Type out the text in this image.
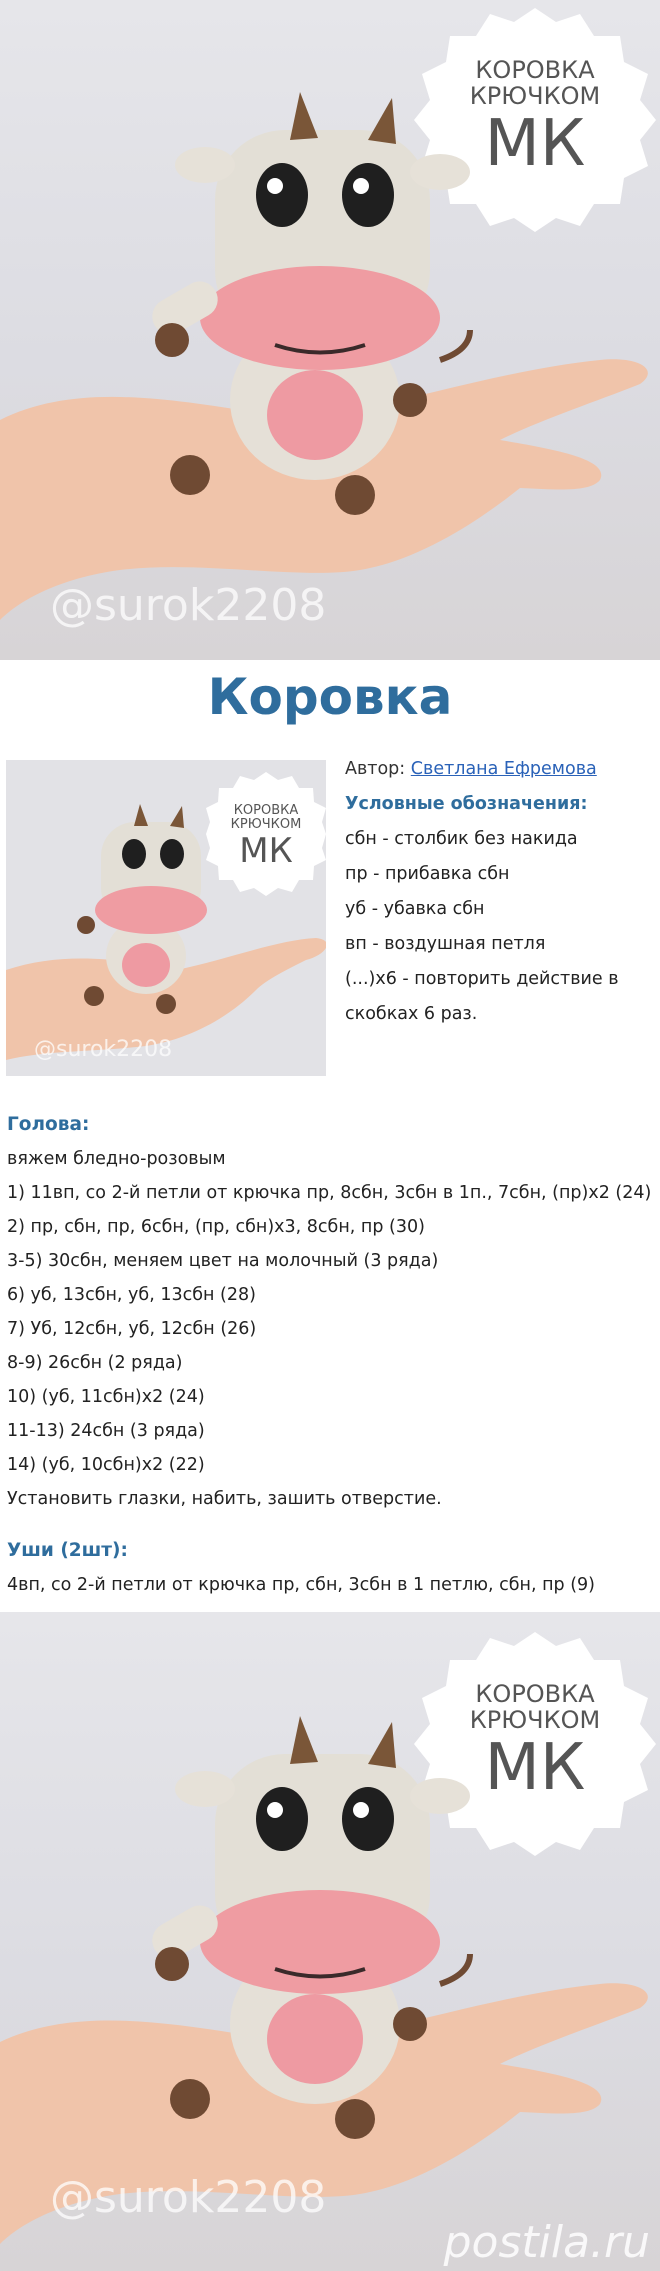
КОРОВКА
КРЮЧКОМ
МК
@surok2208
Коровка
КОРОВКА
КРЮЧКОМ
МК
@surok2208
Автор: Светлана Ефремова
Условные обозначения:
сбн - столбик без накида
пр - прибавка сбн
уб - убавка сбн
вп - воздушная петля
(...)х6 - повторить действие в
скобках 6 раз.
Голова:
вяжем бледно-розовым
1) 11вп, со 2-й петли от крючка пр, 8сбн, 3сбн в 1п., 7сбн, (пр)х2 (24)
2) пр, сбн, пр, 6сбн, (пр, сбн)х3, 8сбн, пр (30)
3-5) 30сбн, меняем цвет на молочный (3 ряда)
6) уб, 13сбн, уб, 13сбн (28)
7) Уб, 12сбн, уб, 12сбн (26)
8-9) 26сбн (2 ряда)
10) (уб, 11сбн)х2 (24)
11-13) 24сбн (3 ряда)
14) (уб, 10сбн)х2 (22)
Установить глазки, набить, зашить отверстие.
Уши (2шт):
4вп, со 2-й петли от крючка пр, сбн, 3сбн в 1 петлю, сбн, пр (9)
КОРОВКА
КРЮЧКОМ
МК
@surok2208
postila.ru
